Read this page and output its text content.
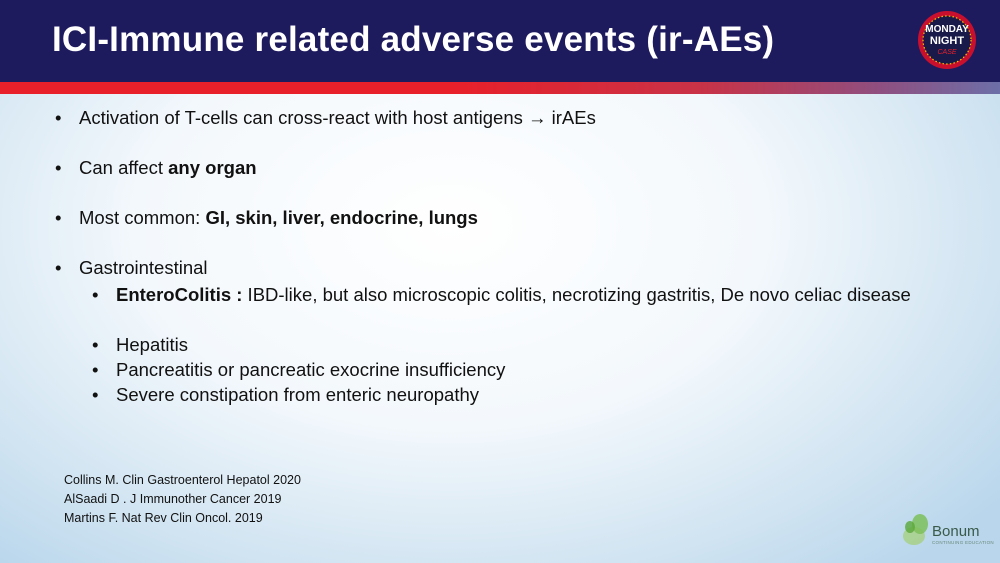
ICI-Immune related adverse events (ir-AEs)	MONDAY
NIGHT
CASE
• Activation of T-cells can cross-react with host antigens → irAEs
• Can affect any organ
• Most common: GI, skin, liver, endocrine, lungs
• Gastrointestinal
• EnteroColitis : IBD-like, but also microscopic colitis, necrotizing gastritis, De novo celiac disease
• Hepatitis
• Pancreatitis or pancreatic exocrine insufficiency
• Severe constipation from enteric neuropathy
Collins M. Clin Gastroenterol Hepatol 2020
AlSaadi D . J Immunother Cancer 2019
Martins F. Nat Rev Clin Oncol. 2019
Bonum
CONTINUING EDUCATION
